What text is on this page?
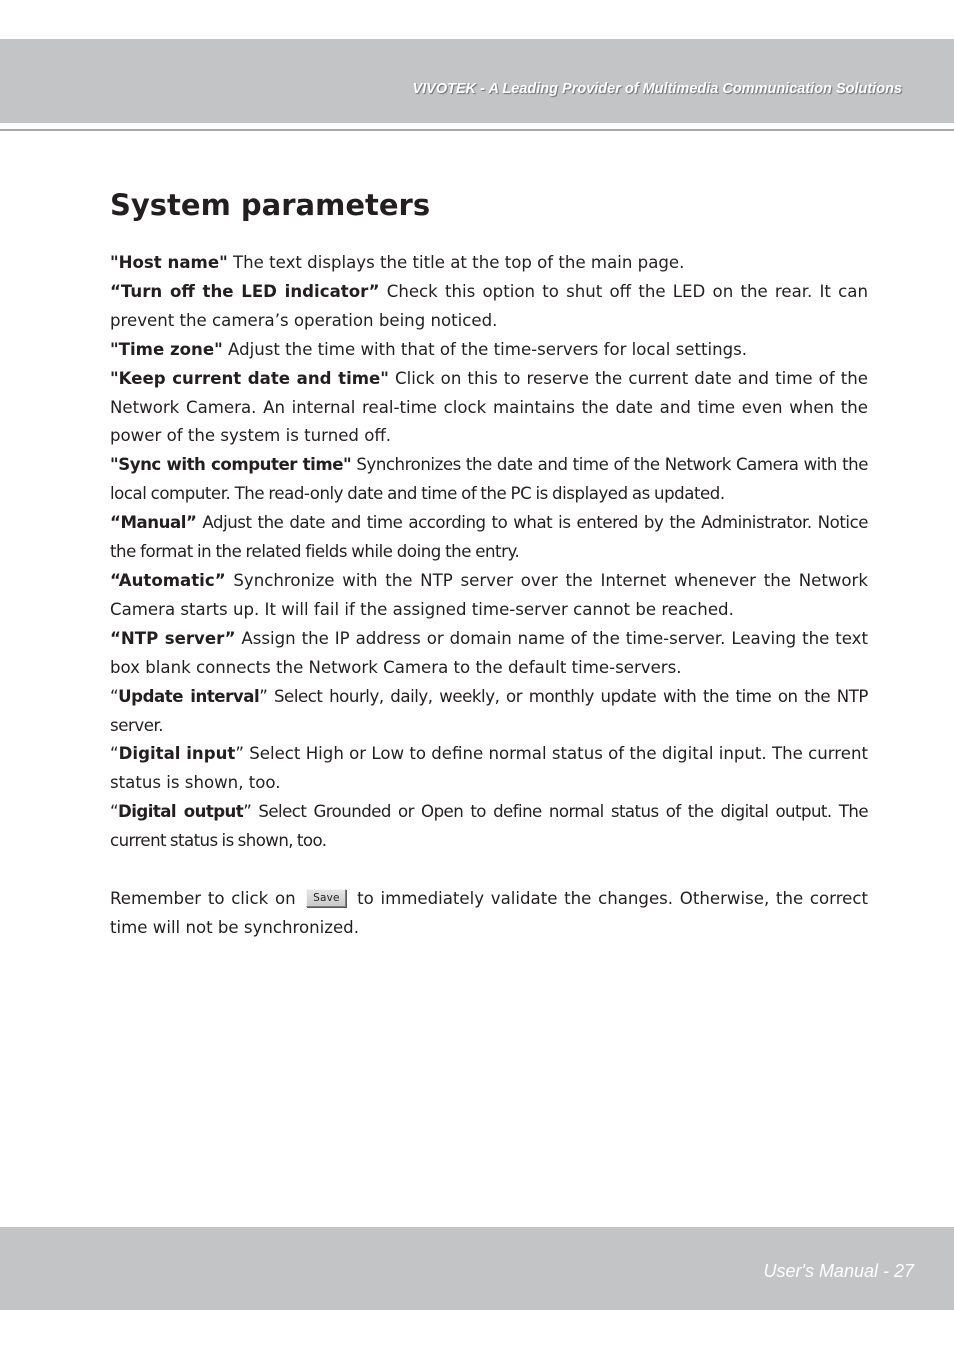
VIVOTEK - A Leading Provider of Multimedia Communication Solutions
System parameters

"Host name" The text displays the title at the top of the main page.

“Turn off the LED indicator” Check this option to shut off the LED on the rear. It can prevent the camera’s operation being noticed.

"Time zone" Adjust the time with that of the time-servers for local settings.

"Keep current date and time" Click on this to reserve the current date and time of the Network Camera. An internal real-time clock maintains the date and time even when the power of the system is turned off.

"Sync with computer time" Synchronizes the date and time of the Network Camera with the local computer. The read-only date and time of the PC is displayed as updated.

“Manual” Adjust the date and time according to what is entered by the Administrator. Notice the format in the related fields while doing the entry.

“Automatic” Synchronize with the NTP server over the Internet whenever the Network Camera starts up. It will fail if the assigned time-server cannot be reached.

“NTP server” Assign the IP address or domain name of the time-server. Leaving the text box blank connects the Network Camera to the default time-servers.

“Update interval” Select hourly, daily, weekly, or monthly update with the time on the NTP server.

“Digital input” Select High or Low to define normal status of the digital input. The current status is shown, too.

“Digital output” Select Grounded or Open to define normal status of the digital output. The current status is shown, too.

Remember to click on Save to immediately validate the changes. Otherwise, the correct time will not be synchronized.

User's Manual - 27
